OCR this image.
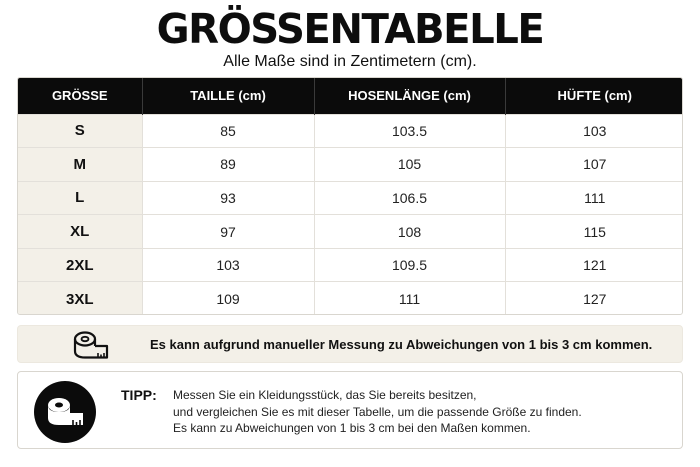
GRÖSSENTABELLE
Alle Maße sind in Zentimetern (cm).
GRÖSSE	TAILLE (cm)	HOSENLÄNGE (cm)	HÜFTE (cm)
S	85	103.5	103
M	89	105	107
L	93	106.5	111
XL	97	108	115
2XL	103	109.5	121
3XL	109	111	127
Es kann aufgrund manueller Messung zu Abweichungen von 1 bis 3 cm kommen.
TIPP: Messen Sie ein Kleidungsstück, das Sie bereits besitzen,
und vergleichen Sie es mit dieser Tabelle, um die passende Größe zu finden.
Es kann zu Abweichungen von 1 bis 3 cm bei den Maßen kommen.
